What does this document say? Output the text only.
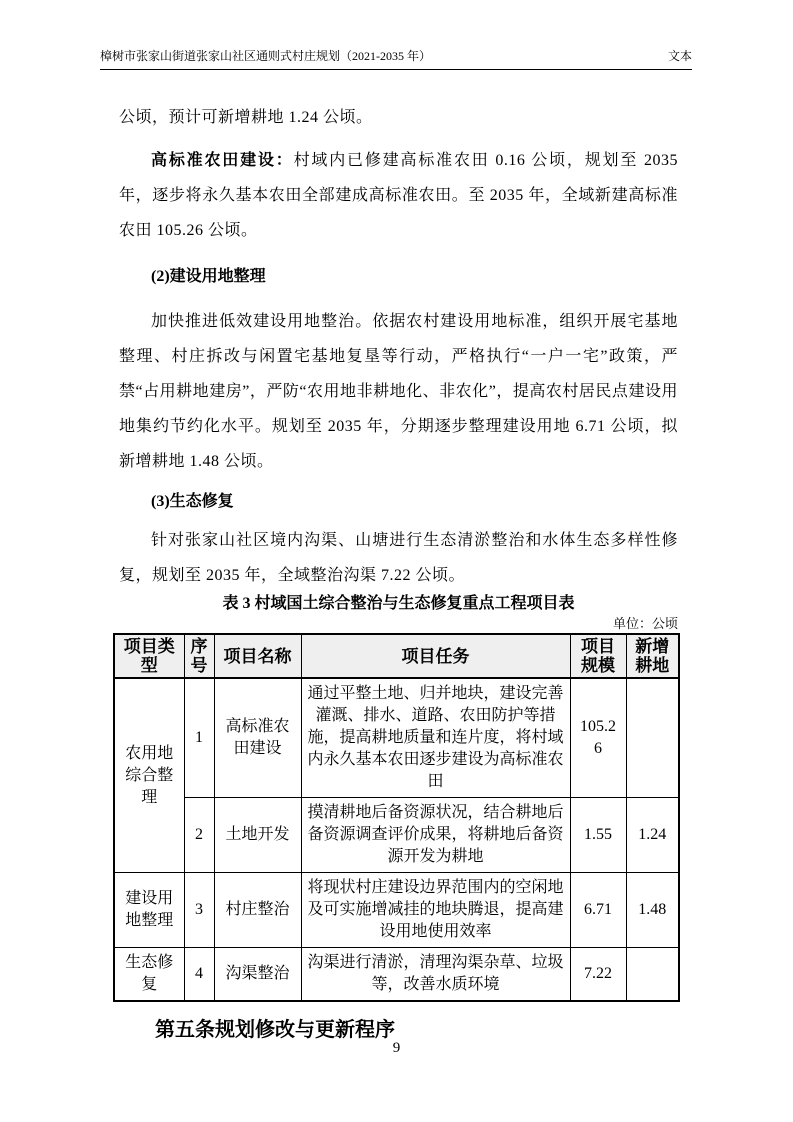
樟树市张家山街道张家山社区通则式村庄规划（2021-2035 年）	文本

公顷，预计可新增耕地 1.24 公顷。

高标准农田建设：村域内已修建高标准农田 0.16 公顷，规划至 2035 年，逐步将永久基本农田全部建成高标准农田。至 2035 年，全域新建高标准农田 105.26 公顷。

(2)建设用地整理

加快推进低效建设用地整治。依据农村建设用地标准，组织开展宅基地整理、村庄拆改与闲置宅基地复垦等行动，严格执行“一户一宅”政策，严禁“占用耕地建房”，严防“农用地非耕地化、非农化”，提高农村居民点建设用地集约节约化水平。规划至 2035 年，分期逐步整理建设用地 6.71 公顷，拟新增耕地 1.48 公顷。

(3)生态修复

针对张家山社区境内沟渠、山塘进行生态清淤整治和水体生态多样性修复，规划至 2035 年，全域整治沟渠 7.22 公顷。

表 3 村域国土综合整治与生态修复重点工程项目表
单位：公顷
项目类型	序号	项目名称	项目任务	项目规模	新增耕地
农用地综合整理	1	高标准农田建设	通过平整土地、归并地块，建设完善灌溉、排水、道路、农田防护等措施，提高耕地质量和连片度，将村域内永久基本农田逐步建设为高标准农田	105.26	
	2	土地开发	摸清耕地后备资源状况，结合耕地后备资源调查评价成果，将耕地后备资源开发为耕地	1.55	1.24
建设用地整理	3	村庄整治	将现状村庄建设边界范围内的空闲地及可实施增减挂的地块腾退，提高建设用地使用效率	6.71	1.48
生态修复	4	沟渠整治	沟渠进行清淤，清理沟渠杂草、垃圾等，改善水质环境	7.22	
第五条规划修改与更新程序
9
